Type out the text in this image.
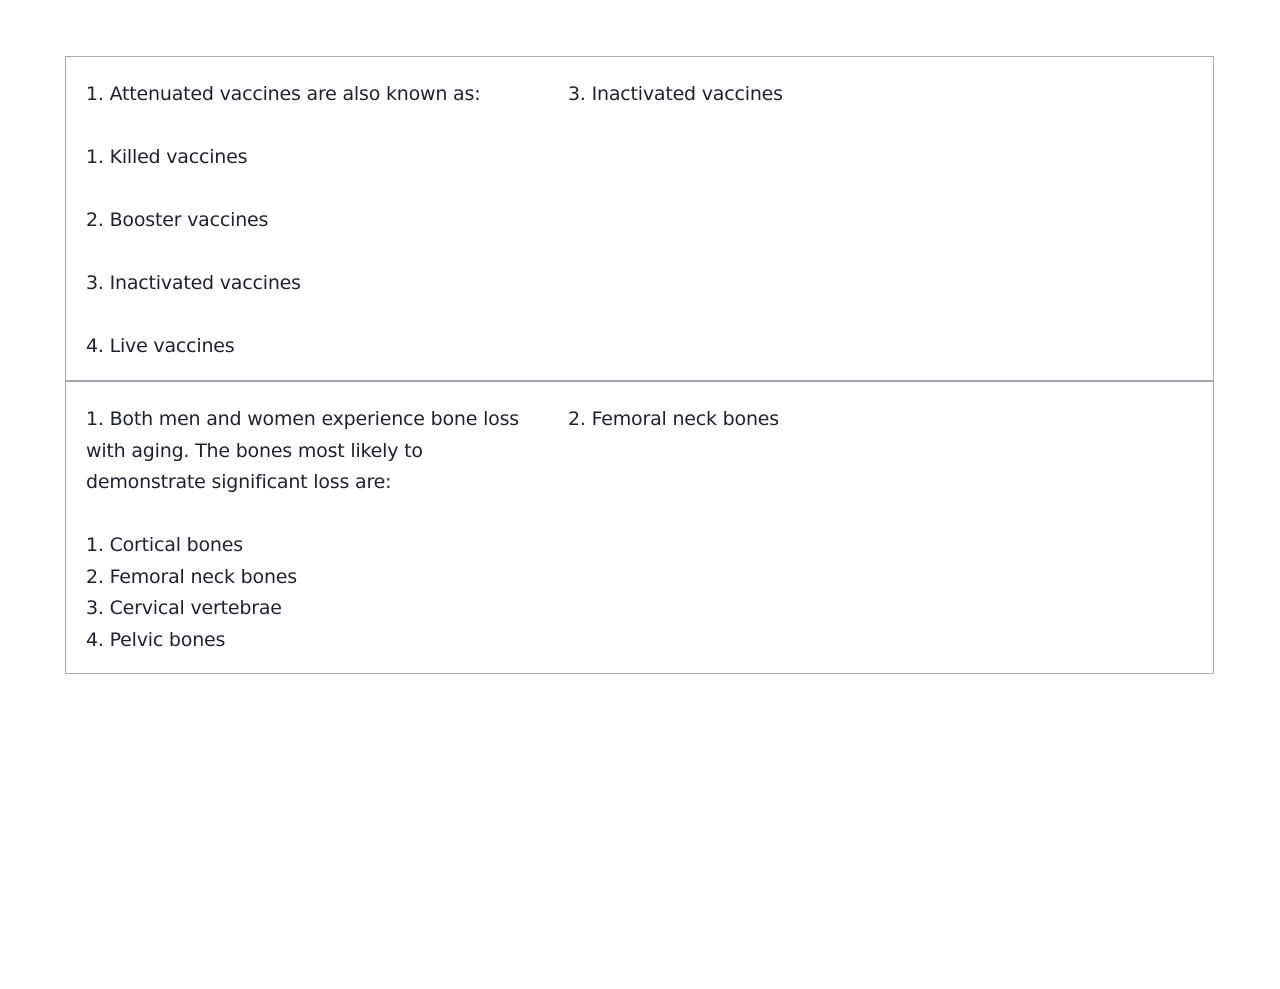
1. Attenuated vaccines are also known as:
1. Killed vaccines
2. Booster vaccines
3. Inactivated vaccines
4. Live vaccines
3. Inactivated vaccines
1. Both men and women experience bone loss with aging. The bones most likely to demonstrate significant loss are:
1. Cortical bones
2. Femoral neck bones
3. Cervical vertebrae
4. Pelvic bones
2. Femoral neck bones
